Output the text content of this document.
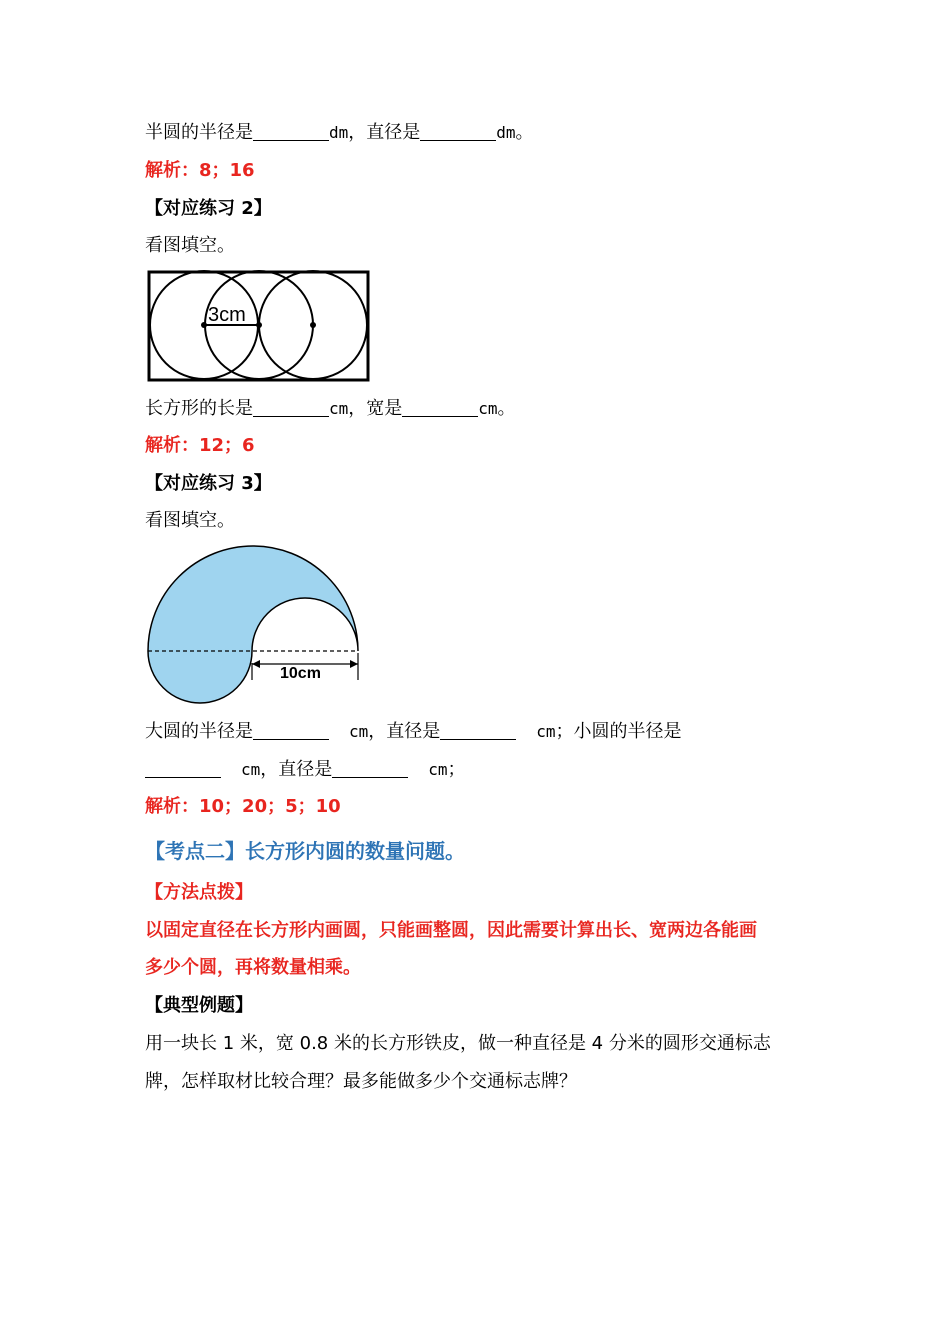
半圆的半径是	dm，直径是	dm。
解析：8；16
【对应练习 2】
看图填空。
3cm
长方形的长是	cm，宽是	cm。
解析：12；6
【对应练习 3】
看图填空。
10cm
大圆的半径是	cm，直径是	cm；小圆的半径是
cm，直径是	cm；
解析：10；20；5；10
【考点二】长方形内圆的数量问题。
【方法点拨】
以固定直径在长方形内画圆，只能画整圆，因此需要计算出长、宽两边各能画
多少个圆，再将数量相乘。
【典型例题】
用一块长 1 米，宽 0.8 米的长方形铁皮，做一种直径是 4 分米的圆形交通标志
牌，怎样取材比较合理？最多能做多少个交通标志牌？
